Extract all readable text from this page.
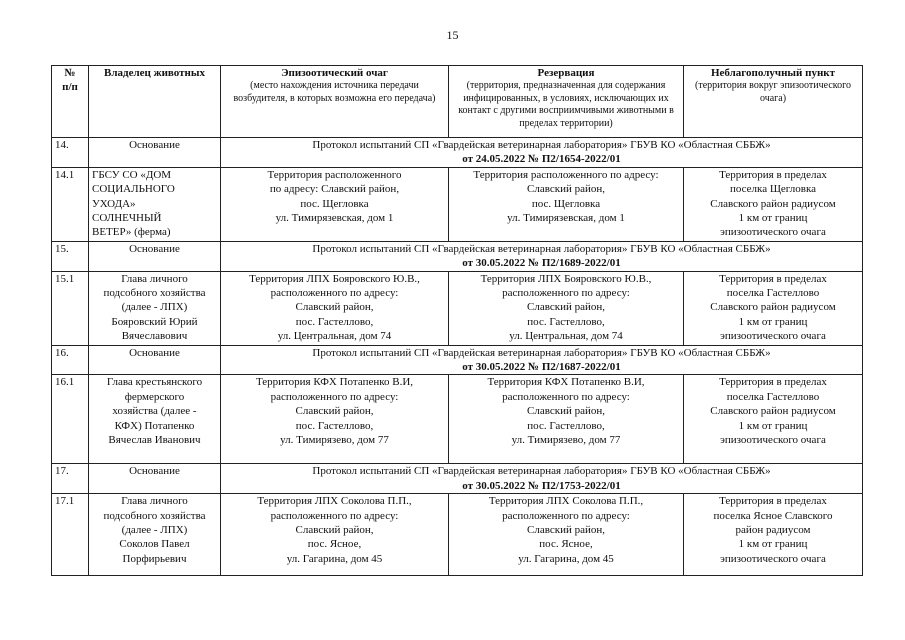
15
№
п/п	Владелец животных	Эпизоотический очаг
(место нахождения источника передачи возбудителя, в которых возможна его передача)	Резервация
(территория, предназначенная для содержания инфицированных, в условиях, исключающих их контакт с другими восприимчивыми животными в пределах территории)	Неблагополучный пункт
(территория вокруг эпизоотического очага)

14.	Основание	Протокол испытаний СП «Гвардейская ветеринарная лаборатория» ГБУВ КО «Областная СББЖ»
от 24.05.2022 № П2/1654-2022/01		

14.1	ГБСУ СО «ДОМ
СОЦИАЛЬНОГО
УХОДА»
СОЛНЕЧНЫЙ
ВЕТЕР» (ферма)	Территория расположенного
по адресу: Славский район,
пос. Щегловка
ул. Тимирязевская, дом 1	Территория расположенного по адресу:
Славский район,
пос. Щегловка
ул. Тимирязевская, дом 1	Территория в пределах
поселка Щегловка
Славского район радиусом
1 км от границ
эпизоотического очага
15.	Основание	Протокол испытаний СП «Гвардейская ветеринарная лаборатория» ГБУВ КО «Областная СББЖ»
от 30.05.2022 № П2/1689-2022/01		

15.1	Глава личного
подсобного хозяйства
(далее - ЛПХ)
Бояровский Юрий
Вячеславович	Территория ЛПХ Бояровского Ю.В.,
расположенного по адресу:
Славский район,
пос. Гастеллово,
ул. Центральная, дом 74	Территория ЛПХ Бояровского Ю.В.,
расположенного по адресу:
Славский район,
пос. Гастеллово,
ул. Центральная, дом 74	Территория в пределах
поселка Гастеллово
Славского район радиусом
1 км от границ
эпизоотического очага
16.	Основание	Протокол испытаний СП «Гвардейская ветеринарная лаборатория» ГБУВ КО «Областная СББЖ»
от 30.05.2022 № П2/1687-2022/01		

16.1	Глава крестьянского
фермерского
хозяйства (далее -
КФХ) Потапенко
Вячеслав Иванович	Территория КФХ Потапенко В.И,
расположенного по адресу:
Славский район,
пос. Гастеллово,
ул. Тимирязево, дом 77	Территория КФХ Потапенко В.И,
расположенного по адресу:
Славский район,
пос. Гастеллово,
ул. Тимирязево, дом 77	Территория в пределах
поселка Гастеллово
Славского район радиусом
1 км от границ
эпизоотического очага
17.	Основание	Протокол испытаний СП «Гвардейская ветеринарная лаборатория» ГБУВ КО «Областная СББЖ»
от 30.05.2022 № П2/1753-2022/01		

17.1	Глава личного
подсобного хозяйства
(далее - ЛПХ)
Соколов Павел
Порфирьевич	Территория ЛПХ Соколова П.П.,
расположенного по адресу:
Славский район,
пос. Ясное,
ул. Гагарина, дом 45	Территория ЛПХ Соколова П.П.,
расположенного по адресу:
Славский район,
пос. Ясное,
ул. Гагарина, дом 45	Территория в пределах
поселка Ясное Славского
район радиусом
1 км от границ
эпизоотического очага
